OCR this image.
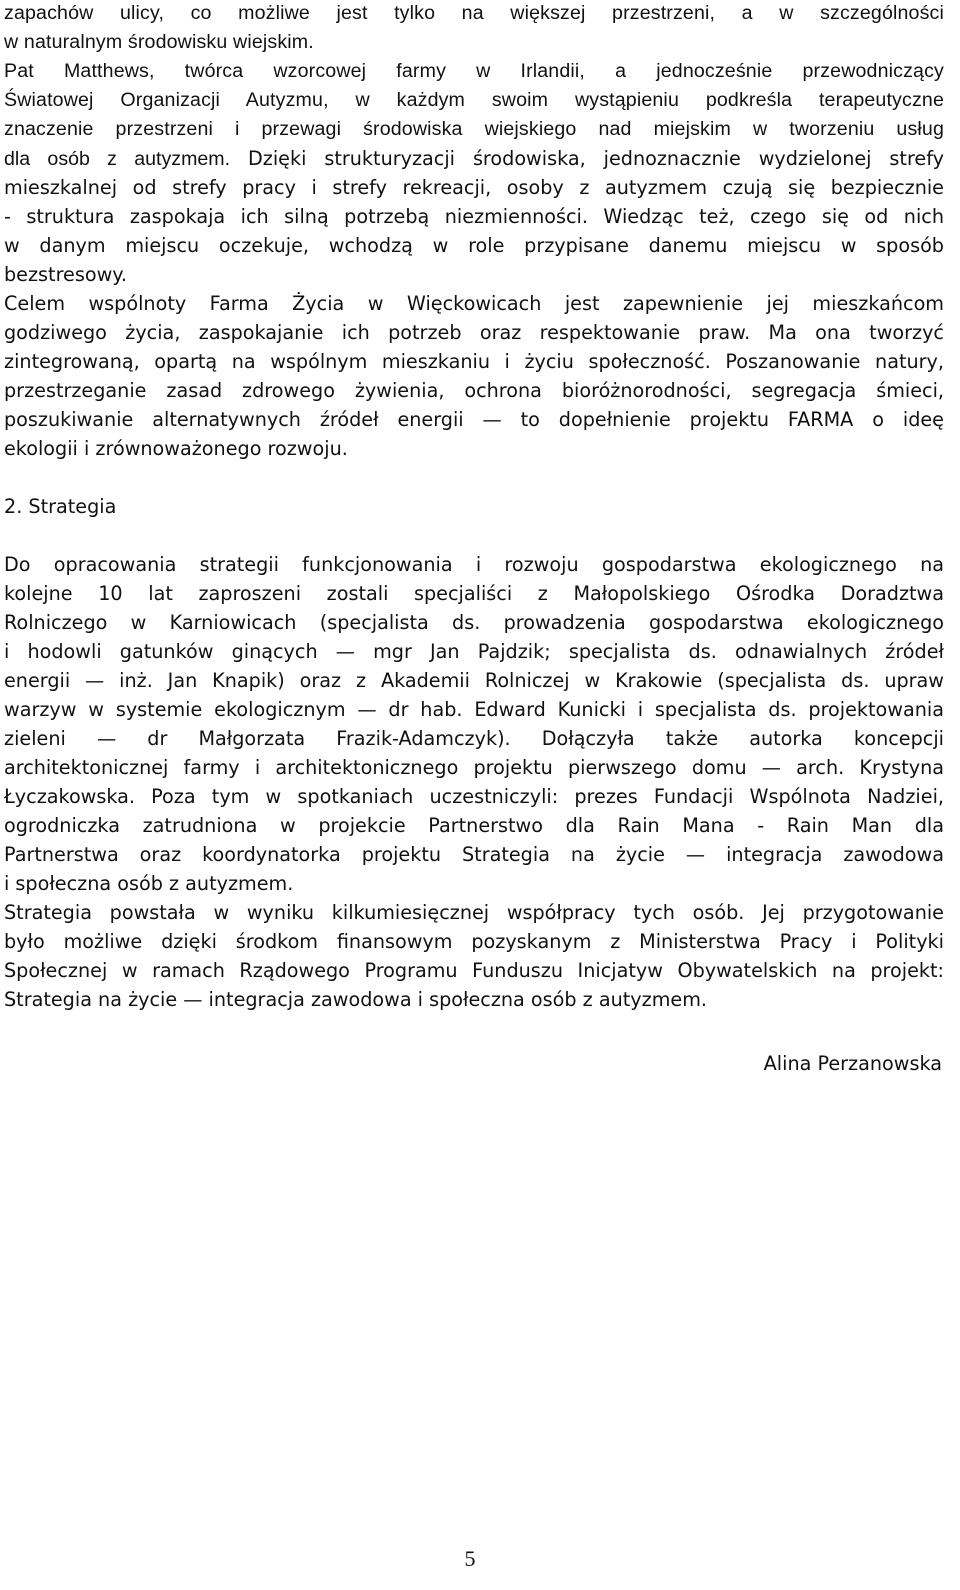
zapachów ulicy, co możliwe jest tylko na większej przestrzeni, a w szczególności
w naturalnym środowisku wiejskim.
Pat Matthews, twórca wzorcowej farmy w Irlandii, a jednocześnie przewodniczący
Światowej Organizacji Autyzmu, w każdym swoim wystąpieniu podkreśla terapeutyczne
znaczenie przestrzeni i przewagi środowiska wiejskiego nad miejskim w tworzeniu usług
dla osób z autyzmem. Dzięki strukturyzacji środowiska, jednoznacznie wydzielonej strefy
mieszkalnej od strefy pracy i strefy rekreacji, osoby z autyzmem czują się bezpiecznie
- struktura zaspokaja ich silną potrzebą niezmienności. Wiedząc też, czego się od nich
w danym miejscu oczekuje, wchodzą w role przypisane danemu miejscu w sposób
bezstresowy.
Celem wspólnoty Farma Życia w Więckowicach jest zapewnienie jej mieszkańcom
godziwego życia, zaspokajanie ich potrzeb oraz respektowanie praw. Ma ona tworzyć
zintegrowaną, opartą na wspólnym mieszkaniu i życiu społeczność. Poszanowanie natury,
przestrzeganie zasad zdrowego żywienia, ochrona bioróżnorodności, segregacja śmieci,
poszukiwanie alternatywnych źródeł energii — to dopełnienie projektu FARMA o ideę
ekologii i zrównoważonego rozwoju.
2. Strategia
Do opracowania strategii funkcjonowania i rozwoju gospodarstwa ekologicznego na
kolejne 10 lat zaproszeni zostali specjaliści z Małopolskiego Ośrodka Doradztwa
Rolniczego w Karniowicach (specjalista ds. prowadzenia gospodarstwa ekologicznego
i hodowli gatunków ginących — mgr Jan Pajdzik; specjalista ds. odnawialnych źródeł
energii — inż. Jan Knapik) oraz z Akademii Rolniczej w Krakowie (specjalista ds. upraw
warzyw w systemie ekologicznym — dr hab. Edward Kunicki i specjalista ds. projektowania
zieleni — dr Małgorzata Frazik-Adamczyk). Dołączyła także autorka koncepcji
architektonicznej farmy i architektonicznego projektu pierwszego domu — arch. Krystyna
Łyczakowska. Poza tym w spotkaniach uczestniczyli: prezes Fundacji Wspólnota Nadziei,
ogrodniczka zatrudniona w projekcie Partnerstwo dla Rain Mana - Rain Man dla
Partnerstwa oraz koordynatorka projektu Strategia na życie — integracja zawodowa
i społeczna osób z autyzmem.
Strategia powstała w wyniku kilkumiesięcznej współpracy tych osób. Jej przygotowanie
było możliwe dzięki środkom finansowym pozyskanym z Ministerstwa Pracy i Polityki
Społecznej w ramach Rządowego Programu Funduszu Inicjatyw Obywatelskich na projekt:
Strategia na życie — integracja zawodowa i społeczna osób z autyzmem.
Alina Perzanowska
5
